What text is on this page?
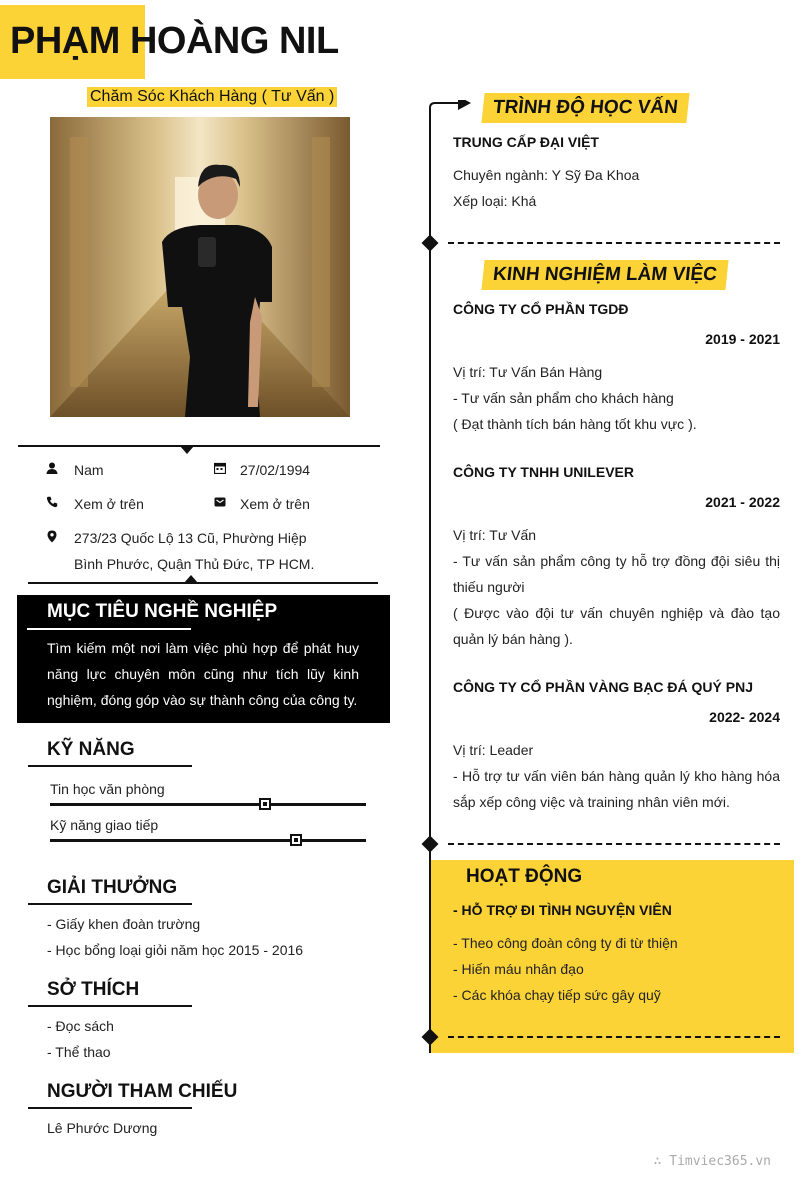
PHẠM HOÀNG NIL
Chăm Sóc Khách Hàng ( Tư Vấn )
Nam	27/02/1994
Xem ở trên	Xem ở trên
273/23 Quốc Lộ 13 Cũ, Phường Hiệp
Bình Phước, Quận Thủ Đức, TP HCM.
MỤC TIÊU NGHỀ NGHIỆP
Tìm kiếm một nơi làm việc phù hợp để phát huy năng lực chuyên môn cũng như tích lũy kinh nghiệm, đóng góp vào sự thành công của công ty.
KỸ NĂNG
Tin học văn phòng
Kỹ năng giao tiếp
GIẢI THƯỞNG
- Giấy khen đoàn trường
- Học bổng loại giỏi năm học 2015 - 2016
SỞ THÍCH
- Đọc sách
- Thể thao
NGƯỜI THAM CHIẾU
Lê Phước Dương
TRÌNH ĐỘ HỌC VẤN
TRUNG CẤP ĐẠI VIỆT
Chuyên ngành: Y Sỹ Đa Khoa
Xếp loại: Khá
KINH NGHIỆM LÀM VIỆC
CÔNG TY CỔ PHẦN TGDĐ
2019 - 2021
Vị trí: Tư Vấn Bán Hàng
- Tư vấn sản phẩm cho khách hàng
( Đạt thành tích bán hàng tốt khu vực ).
CÔNG TY TNHH UNILEVER
2021 - 2022
Vị trí: Tư Vấn
- Tư vấn sản phẩm công ty hỗ trợ đồng đội siêu thị thiếu người
( Được vào đội tư vấn chuyên nghiệp và đào tạo quản lý bán hàng ).
CÔNG TY CỔ PHẦN VÀNG BẠC ĐÁ QUÝ PNJ
2022- 2024
Vị trí: Leader
- Hỗ trợ tư vấn viên bán hàng quản lý kho hàng hóa sắp xếp công việc và training nhân viên mới.
HOẠT ĐỘNG
- HỖ TRỢ ĐI TÌNH NGUYỆN VIÊN
- Theo công đoàn công ty đi từ thiện
- Hiến máu nhân đạo
- Các khóa chạy tiếp sức gây quỹ
∴ Timviec365.vn
